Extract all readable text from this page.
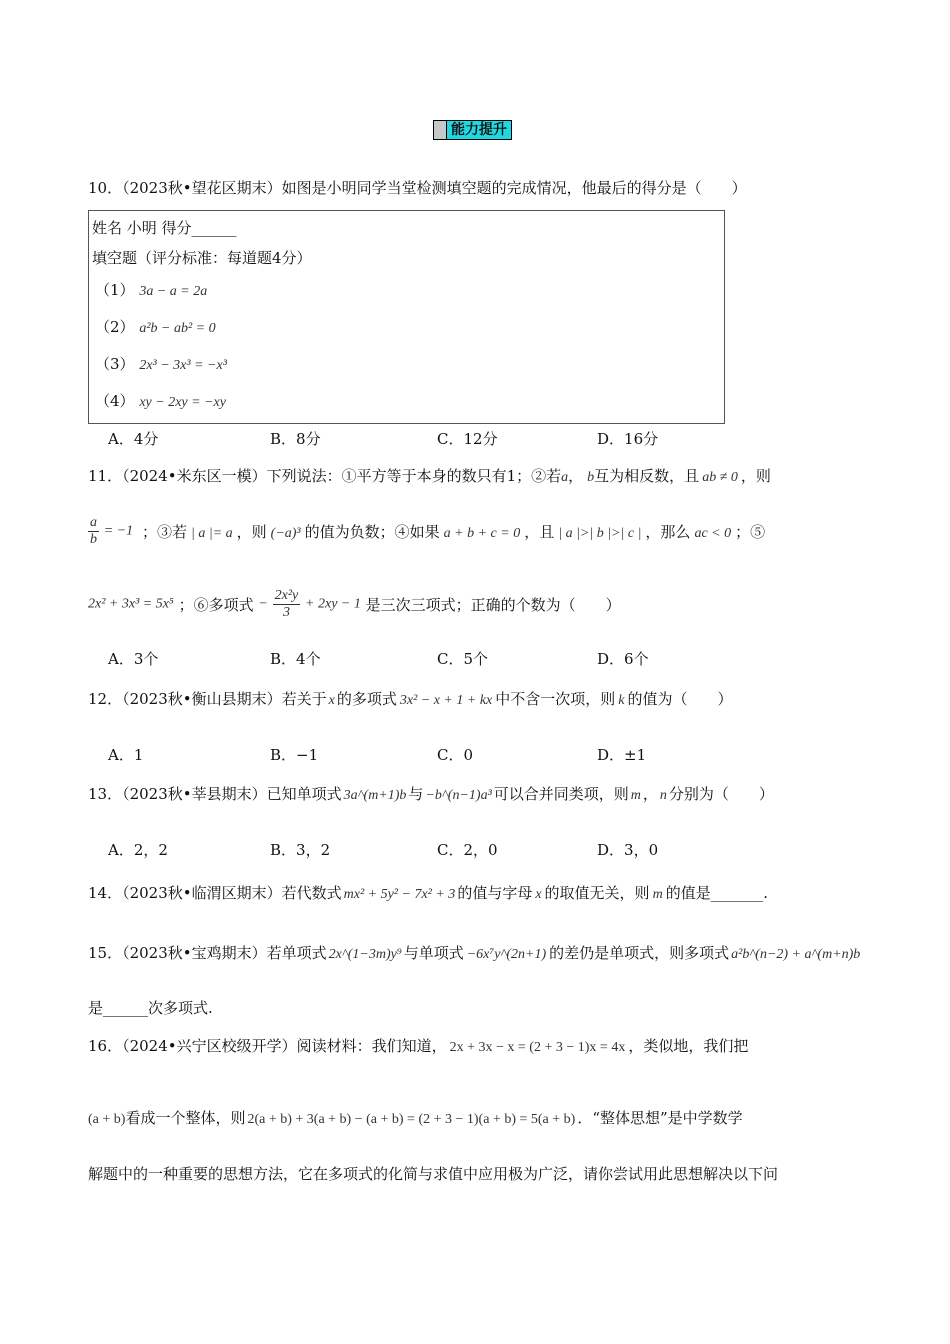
能力提升
10．（2023秋•望花区期末）如图是小明同学当堂检测填空题的完成情况，他最后的得分是（　　）
姓名 小明 得分______
填空题（评分标准：每道题4分）
（1） 3a − a = 2a
（2） a²b − ab² = 0
（3） 2x³ − 3x³ = −x³
（4） xy − 2xy = −xy
A．4分	B．8分	C．12分	D．16分
11．（2024•米东区一模）下列说法：①平方等于本身的数只有1；②若a， b互为相反数，且 ab ≠ 0 ，则
$\frac{a}{b} = -1$ ；③若 | a |= a ，则 (−a)³ 的值为负数；④如果 a + b + c = 0 ，且 | a |>| b |>| c | ，那么 ac < 0 ；⑤
2x² + 3x³ = 5x⁵ ；⑥多项式 − $\frac{\text{2x²y}}{3} + 2xy - 1$ 是三次三项式；正确的个数为（　　）
A．3个	B．4个	C．5个	D．6个
12．（2023秋•衡山县期末）若关于 x 的多项式 3x² − x + 1 + kx 中不含一次项，则 k 的值为（　　）
A．1	B．−1	C．0	D．±1
13．（2023秋•莘县期末）已知单项式 3a^(m+1)b 与 −b^(n−1)a³ 可以合并同类项，则 m ， n 分别为（　　）
A．2，2	B．3，2	C．2，0	D．3，0
14．（2023秋•临渭区期末）若代数式 mx² + 5y² − 7x² + 3 的值与字母 x 的取值无关，则 m 的值是_______.
15．（2023秋•宝鸡期末）若单项式 2x^(1−3m)y⁹ 与单项式 −6x⁷y^(2n+1) 的差仍是单项式，则多项式 a²b^(n−2) + a^(m+n)b
是______次多项式.
16．（2024•兴宁区校级开学）阅读材料：我们知道， 2x + 3x − x = (2 + 3 − 1)x = 4x ，类似地，我们把
(a + b)看成一个整体，则 2(a + b) + 3(a + b) − (a + b) = (2 + 3 − 1)(a + b) = 5(a + b) ．“整体思想”是中学数学
解题中的一种重要的思想方法，它在多项式的化简与求值中应用极为广泛，请你尝试用此思想解决以下问
